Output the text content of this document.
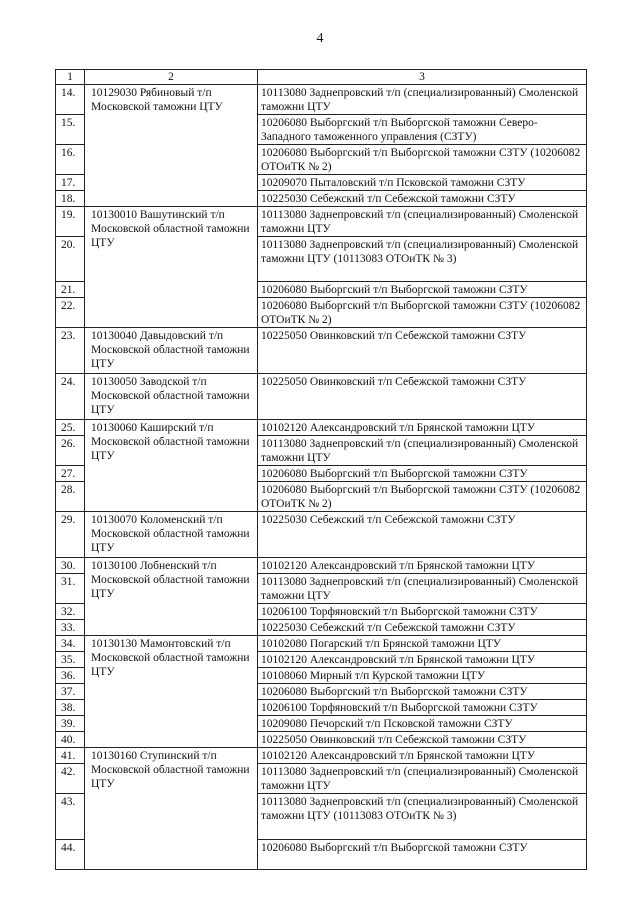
4
1	2	3
14.	10129030 Рябиновый т/п Московской таможни ЦТУ	10113080 Заднепровский т/п (специализированный) Смоленской таможни ЦТУ
15.		10206080 Выборгский т/п Выборгской таможни Северо-Западного таможенного управления (СЗТУ)
16.		10206080 Выборгский т/п Выборгской таможни СЗТУ (10206082 ОТОиТК № 2)
17.		10209070 Пыталовский т/п Псковской таможни СЗТУ
18.		10225030 Себежский т/п Себежской таможни СЗТУ
19.	10130010 Вашутинский т/п Московской областной таможни ЦТУ	10113080 Заднепровский т/п (специализированный) Смоленской таможни ЦТУ
20.		10113080 Заднепровский т/п (специализированный) Смоленской таможни ЦТУ (10113083 ОТОиТК № 3)
21.		10206080 Выборгский т/п Выборгской таможни СЗТУ
22.		10206080 Выборгский т/п Выборгской таможни СЗТУ (10206082 ОТОиТК № 2)
23.	10130040 Давыдовский т/п Московской областной таможни ЦТУ	10225050 Овинковский т/п Себежской таможни СЗТУ
24.	10130050 Заводской т/п Московской областной таможни ЦТУ	10225050 Овинковский т/п Себежской таможни СЗТУ
25.	10130060 Каширский т/п Московской областной таможни ЦТУ	10102120 Александровский т/п Брянской таможни ЦТУ
26.		10113080 Заднепровский т/п (специализированный) Смоленской таможни ЦТУ
27.		10206080 Выборгский т/п Выборгской таможни СЗТУ
28.		10206080 Выборгский т/п Выборгской таможни СЗТУ (10206082 ОТОиТК № 2)
29.	10130070 Коломенский т/п Московской областной таможни ЦТУ	10225030 Себежский т/п Себежской таможни СЗТУ
30.	10130100 Лобненский т/п Московской областной таможни ЦТУ	10102120 Александровский т/п Брянской таможни ЦТУ
31.		10113080 Заднепровский т/п (специализированный) Смоленской таможни ЦТУ
32.		10206100 Торфяновский т/п Выборгской таможни СЗТУ
33.		10225030 Себежский т/п Себежской таможни СЗТУ
34.	10130130 Мамонтовский т/п Московской областной таможни ЦТУ	10102080 Погарский т/п Брянской таможни ЦТУ
35.		10102120 Александровский т/п Брянской таможни ЦТУ
36.		10108060 Мирный т/п Курской таможни ЦТУ
37.		10206080 Выборгский т/п Выборгской таможни СЗТУ
38.		10206100 Торфяновский т/п Выборгской таможни СЗТУ
39.		10209080 Печорский т/п Псковской таможни СЗТУ
40.		10225050 Овинковский т/п Себежской таможни СЗТУ
41.	10130160 Ступинский т/п Московской областной таможни ЦТУ	10102120 Александровский т/п Брянской таможни ЦТУ
42.		10113080 Заднепровский т/п (специализированный) Смоленской таможни ЦТУ
43.		10113080 Заднепровский т/п (специализированный) Смоленской таможни ЦТУ (10113083 ОТОиТК № 3)
44.		10206080 Выборгский т/п Выборгской таможни СЗТУ
